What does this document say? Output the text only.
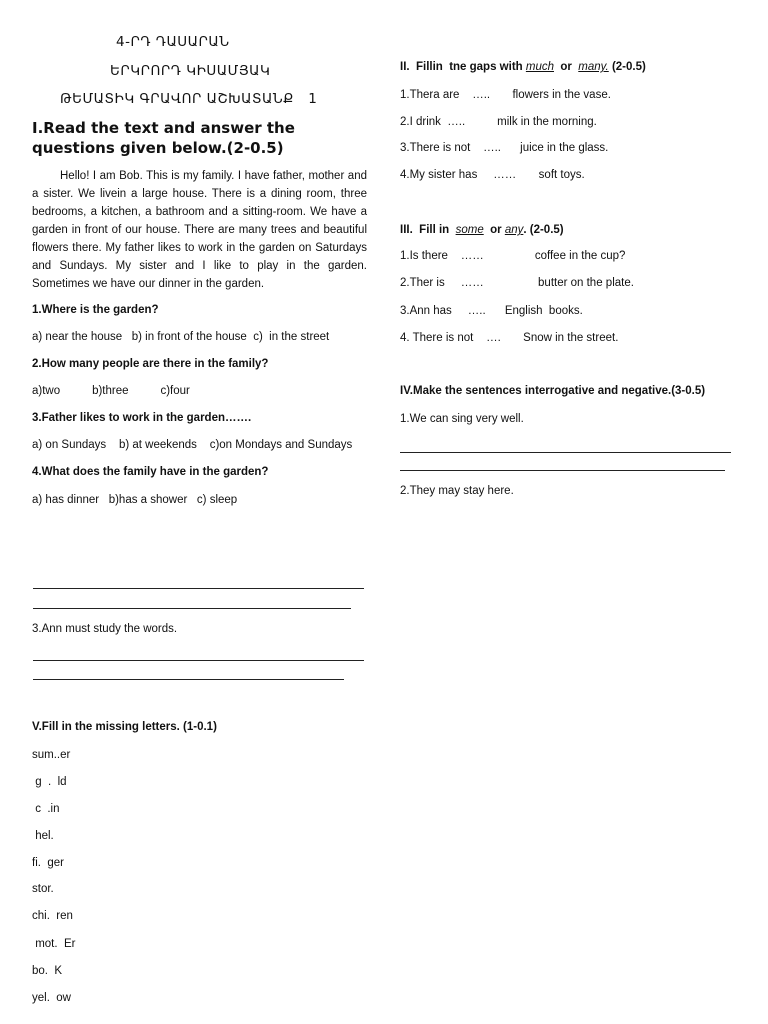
4-ՐԴ ԴԱՍԱՐԱՆ
ԵՐԿՐՈՐԴ ԿԻՍԱՄՅԱԿ
ԹԵՄԱՏԻԿ ԳՐԱՎՈՐ ԱՇԽԱՏԱՆՔ   1
I.Read the text and answer the
questions given below.(2-0.5)
Hello! I am Bob. This is my family. I have father, mother and a sister. We livein a large house. There is a dining room, three bedrooms, a kitchen, a bathroom and a sitting-room. We have a garden in front of our house. There are many trees and beautiful flowers there. My father likes to work in the garden on Saturdays and Sundays. My sister and I like to play in the garden. Sometimes we have our dinner in the garden.
1.Where is the garden?
a) near the house   b) in front of the house  c)  in the street
2.How many people are there in the family?
a)two          b)three          c)four
3.Father likes to work in the garden…….
a) on Sundays    b) at weekends    c)on Mondays and Sundays
4.What does the family have in the garden?
a) has dinner   b)has a shower   c) sleep
II.  Fillin  tne gaps with much  or  many. (2-0.5)
1.Thera are    …..       flowers in the vase.
2.I drink  …..          milk in the morning.
3.There is not    …..      juice in the glass.
4.My sister has     ……       soft toys.
III.  Fill in  some  or any. (2-0.5)
1.Is there    ……                coffee in the cup?
2.Ther is     ……                 butter on the plate.
3.Ann has     …..      English  books.
4. There is not    ….       Snow in the street.
IV.Make the sentences interrogative and negative.(3-0.5)
1.We can sing very well.
2.They may stay here.
3.Ann must study the words.
V.Fill in the missing letters. (1-0.1)
sum..er
g  .  ld
c  .in
hel.
fi.  ger
stor.
chi.  ren
mot.  Er
bo.  K
yel.  ow
